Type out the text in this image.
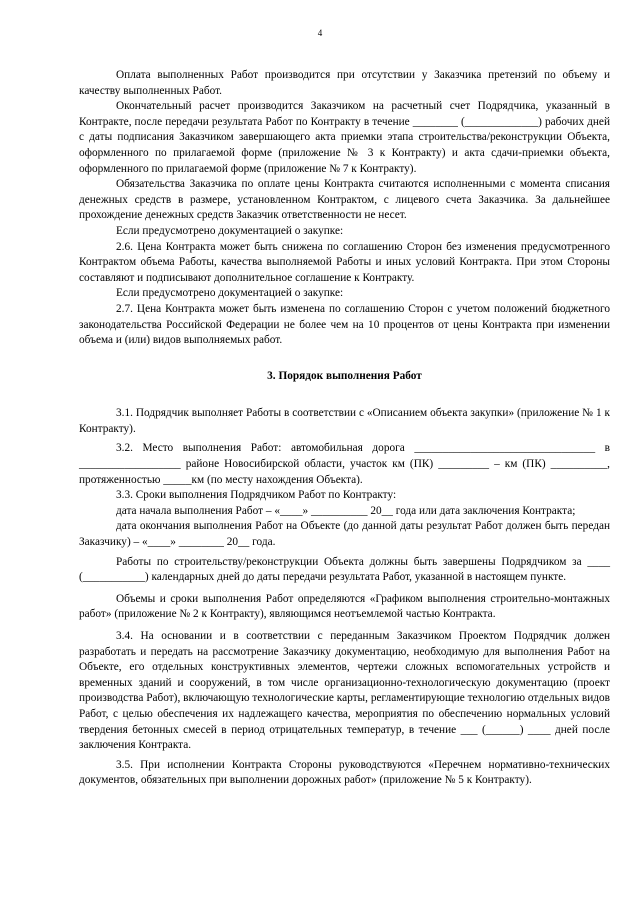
4

Оплата выполненных Работ производится при отсутствии у Заказчика претензий по объему и качеству выполненных Работ.

Окончательный расчет производится Заказчиком на расчетный счет Подрядчика, указанный в Контракте, после передачи результата Работ по Контракту в течение ________ (_____________) рабочих дней с даты подписания Заказчиком завершающего акта приемки этапа строительства/реконструкции Объекта, оформленного по прилагаемой форме (приложение № 3 к Контракту) и акта сдачи-приемки объекта, оформленного по прилагаемой форме (приложение № 7 к Контракту).

Обязательства Заказчика по оплате цены Контракта считаются исполненными с момента списания денежных средств в размере, установленном Контрактом, с лицевого счета Заказчика. За дальнейшее прохождение денежных средств Заказчик ответственности не несет.

Если предусмотрено документацией о закупке:

2.6. Цена Контракта может быть снижена по соглашению Сторон без изменения предусмотренного Контрактом объема Работы, качества выполняемой Работы и иных условий Контракта. При этом Стороны составляют и подписывают дополнительное соглашение к Контракту.

Если предусмотрено документацией о закупке:

2.7. Цена Контракта может быть изменена по соглашению Сторон с учетом положений бюджетного законодательства Российской Федерации не более чем на 10 процентов от цены Контракта при изменении объема и (или) видов выполняемых работ.

3. Порядок выполнения Работ

3.1. Подрядчик выполняет Работы в соответствии с «Описанием объекта закупки» (приложение № 1 к Контракту).

3.2. Место выполнения Работ: автомобильная дорога ________________________________ в __________________ районе Новосибирской области, участок км (ПК) _________ – км (ПК) __________, протяженностью _____км (по месту нахождения Объекта).

3.3. Сроки выполнения Подрядчиком Работ по Контракту:

дата начала выполнения Работ – «____» __________ 20__ года или дата заключения Контракта;

дата окончания выполнения Работ на Объекте (до данной даты результат Работ должен быть передан Заказчику) – «____» ________ 20__ года.

Работы по строительству/реконструкции Объекта должны быть завершены Подрядчиком за ____ (___________) календарных дней до даты передачи результата Работ, указанной в настоящем пункте.

Объемы и сроки выполнения Работ определяются «Графиком выполнения строительно-монтажных работ» (приложение № 2 к Контракту), являющимся неотъемлемой частью Контракта.

3.4. На основании и в соответствии с переданным Заказчиком Проектом Подрядчик должен разработать и передать на рассмотрение Заказчику документацию, необходимую для выполнения Работ на Объекте, его отдельных конструктивных элементов, чертежи сложных вспомогательных устройств и временных зданий и сооружений, в том числе организационно-технологическую документацию (проект производства Работ), включающую технологические карты, регламентирующие технологию отдельных видов Работ, с целью обеспечения их надлежащего качества, мероприятия по обеспечению нормальных условий твердения бетонных смесей в период отрицательных температур, в течение ___ (______) ____ дней после заключения Контракта.

3.5. При исполнении Контракта Стороны руководствуются «Перечнем нормативно-технических документов, обязательных при выполнении дорожных работ» (приложение № 5 к Контракту).
